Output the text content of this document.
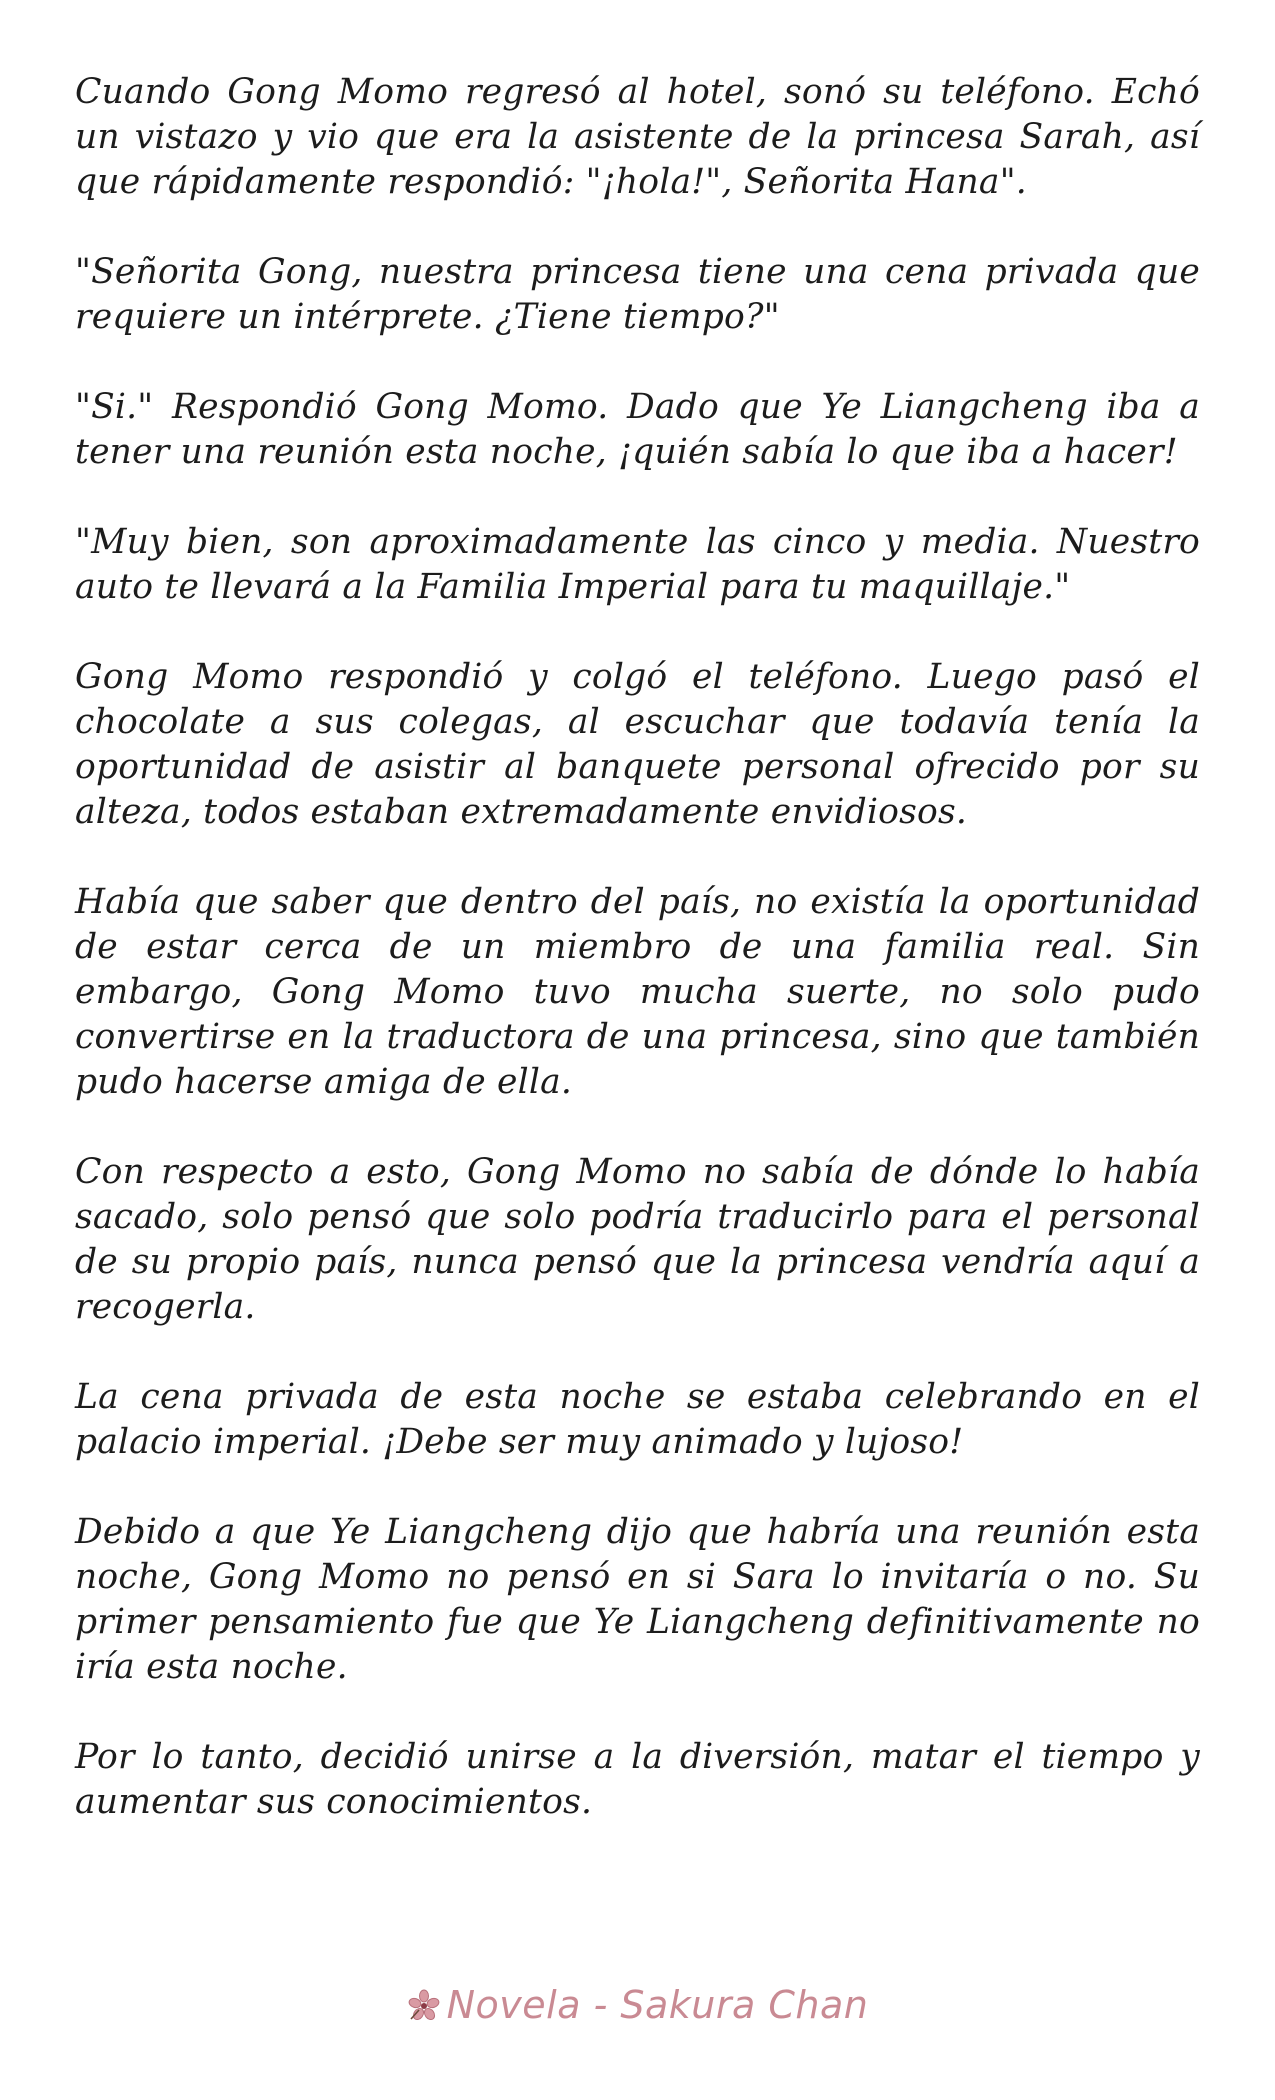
Cuando Gong Momo regresó al hotel, sonó su teléfono. Echó un vistazo y vio que era la asistente de la princesa Sarah, así que rápidamente respondió: "¡hola!", Señorita Hana".

"Señorita Gong, nuestra princesa tiene una cena privada que requiere un intérprete. ¿Tiene tiempo?"

"Si." Respondió Gong Momo. Dado que Ye Liangcheng iba a tener una reunión esta noche, ¡quién sabía lo que iba a hacer!

"Muy bien, son aproximadamente las cinco y media. Nuestro auto te llevará a la Familia Imperial para tu maquillaje."

Gong Momo respondió y colgó el teléfono. Luego pasó el chocolate a sus colegas, al escuchar que todavía tenía la oportunidad de asistir al banquete personal ofrecido por su alteza, todos estaban extremadamente envidiosos.

Había que saber que dentro del país, no existía la oportunidad de estar cerca de un miembro de una familia real. Sin embargo, Gong Momo tuvo mucha suerte, no solo pudo convertirse en la traductora de una princesa, sino que también pudo hacerse amiga de ella.

Con respecto a esto, Gong Momo no sabía de dónde lo había sacado, solo pensó que solo podría traducirlo para el personal de su propio país, nunca pensó que la princesa vendría aquí a recogerla.

La cena privada de esta noche se estaba celebrando en el palacio imperial. ¡Debe ser muy animado y lujoso!

Debido a que Ye Liangcheng dijo que habría una reunión esta noche, Gong Momo no pensó en si Sara lo invitaría o no. Su primer pensamiento fue que Ye Liangcheng definitivamente no iría esta noche.

Por lo tanto, decidió unirse a la diversión, matar el tiempo y aumentar sus conocimientos.

Novela - Sakura Chan
